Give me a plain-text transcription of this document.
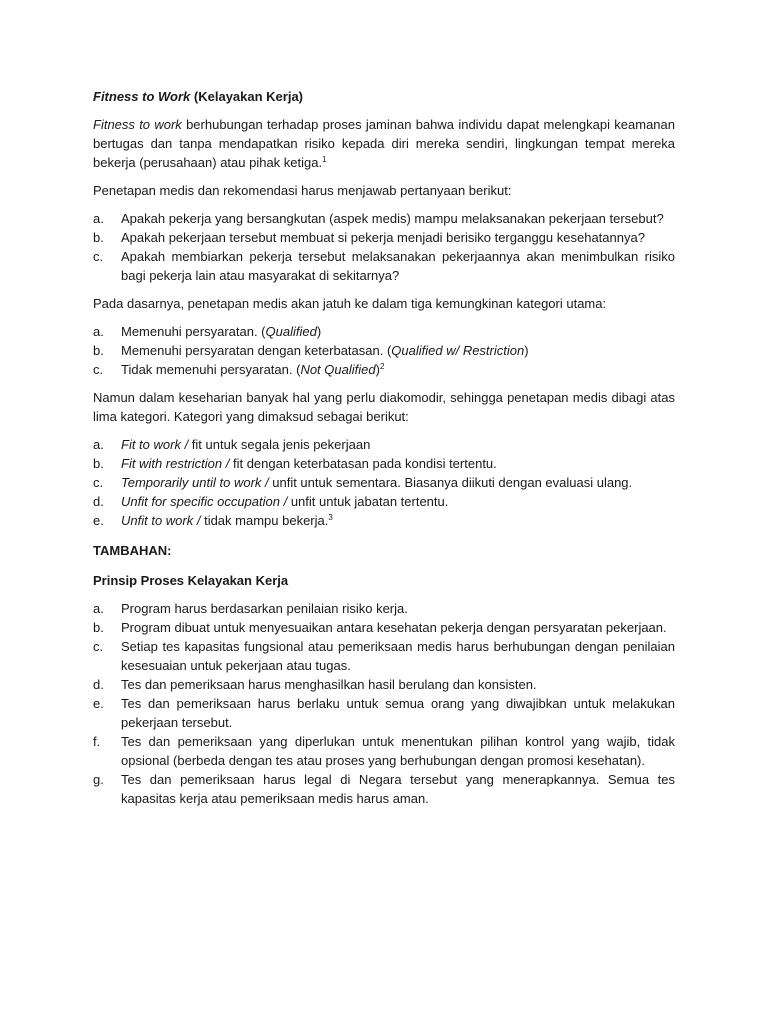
Fitness to Work (Kelayakan Kerja)

Fitness to work berhubungan terhadap proses jaminan bahwa individu dapat melengkapi keamanan bertugas dan tanpa mendapatkan risiko kepada diri mereka sendiri, lingkungan tempat mereka bekerja (perusahaan) atau pihak ketiga.$^1$

Penetapan medis dan rekomendasi harus menjawab pertanyaan berikut:

a. Apakah pekerja yang bersangkutan (aspek medis) mampu melaksanakan pekerjaan tersebut?
b. Apakah pekerjaan tersebut membuat si pekerja menjadi berisiko terganggu kesehatannya?
c. Apakah membiarkan pekerja tersebut melaksanakan pekerjaannya akan menimbulkan risiko bagi pekerja lain atau masyarakat di sekitarnya?

Pada dasarnya, penetapan medis akan jatuh ke dalam tiga kemungkinan kategori utama:

a. Memenuhi persyaratan. (Qualified)
b. Memenuhi persyaratan dengan keterbatasan. (Qualified w/ Restriction)
c. Tidak memenuhi persyaratan. (Not Qualified)$^2$

Namun dalam keseharian banyak hal yang perlu diakomodir, sehingga penetapan medis dibagi atas lima kategori. Kategori yang dimaksud sebagai berikut:

a. Fit to work / fit untuk segala jenis pekerjaan
b. Fit with restriction / fit dengan keterbatasan pada kondisi tertentu.
c. Temporarily until to work / unfit untuk sementara. Biasanya diikuti dengan evaluasi ulang.
d. Unfit for specific occupation / unfit untuk jabatan tertentu.
e. Unfit to work / tidak mampu bekerja.$^3$
TAMBAHAN:
Prinsip Proses Kelayakan Kerja
a. Program harus berdasarkan penilaian risiko kerja.
b. Program dibuat untuk menyesuaikan antara kesehatan pekerja dengan persyaratan pekerjaan.
c. Setiap tes kapasitas fungsional atau pemeriksaan medis harus berhubungan dengan penilaian kesesuaian untuk pekerjaan atau tugas.
d. Tes dan pemeriksaan harus menghasilkan hasil berulang dan konsisten.
e. Tes dan pemeriksaan harus berlaku untuk semua orang yang diwajibkan untuk melakukan pekerjaan tersebut.
f. Tes dan pemeriksaan yang diperlukan untuk menentukan pilihan kontrol yang wajib, tidak opsional (berbeda dengan tes atau proses yang berhubungan dengan promosi kesehatan).
g. Tes dan pemeriksaan harus legal di Negara tersebut yang menerapkannya. Semua tes kapasitas kerja atau pemeriksaan medis harus aman.
